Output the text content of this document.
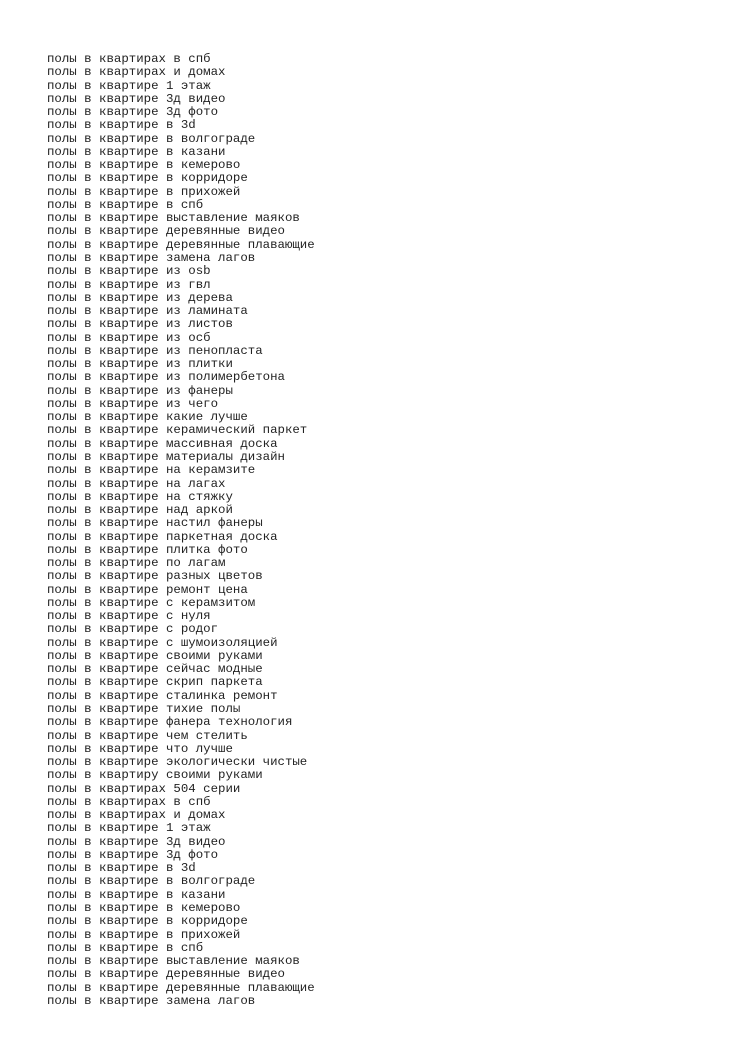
полы в квартирах в спб
полы в квартирах и домах
полы в квартире 1 этаж
полы в квартире 3д видео
полы в квартире 3д фото
полы в квартире в 3d
полы в квартире в волгограде
полы в квартире в казани
полы в квартире в кемерово
полы в квартире в корридоре
полы в квартире в прихожей
полы в квартире в спб
полы в квартире выставление маяков
полы в квартире деревянные видео
полы в квартире деревянные плавающие
полы в квартире замена лагов
полы в квартире из osb
полы в квартире из гвл
полы в квартире из дерева
полы в квартире из ламината
полы в квартире из листов
полы в квартире из осб
полы в квартире из пенопласта
полы в квартире из плитки
полы в квартире из полимербетона
полы в квартире из фанеры
полы в квартире из чего
полы в квартире какие лучше
полы в квартире керамический паркет
полы в квартире массивная доска
полы в квартире материалы дизайн
полы в квартире на керамзите
полы в квартире на лагах
полы в квартире на стяжку
полы в квартире над аркой
полы в квартире настил фанеры
полы в квартире паркетная доска
полы в квартире плитка фото
полы в квартире по лагам
полы в квартире разных цветов
полы в квартире ремонт цена
полы в квартире с керамзитом
полы в квартире с нуля
полы в квартире с родог
полы в квартире с шумоизоляцией
полы в квартире своими руками
полы в квартире сейчас модные
полы в квартире скрип паркета
полы в квартире сталинка ремонт
полы в квартире тихие полы
полы в квартире фанера технология
полы в квартире чем стелить
полы в квартире что лучше
полы в квартире экологически чистые
полы в квартиру своими руками
полы в квартирах 504 серии
полы в квартирах в спб
полы в квартирах и домах
полы в квартире 1 этаж
полы в квартире 3д видео
полы в квартире 3д фото
полы в квартире в 3d
полы в квартире в волгограде
полы в квартире в казани
полы в квартире в кемерово
полы в квартире в корридоре
полы в квартире в прихожей
полы в квартире в спб
полы в квартире выставление маяков
полы в квартире деревянные видео
полы в квартире деревянные плавающие
полы в квартире замена лагов
